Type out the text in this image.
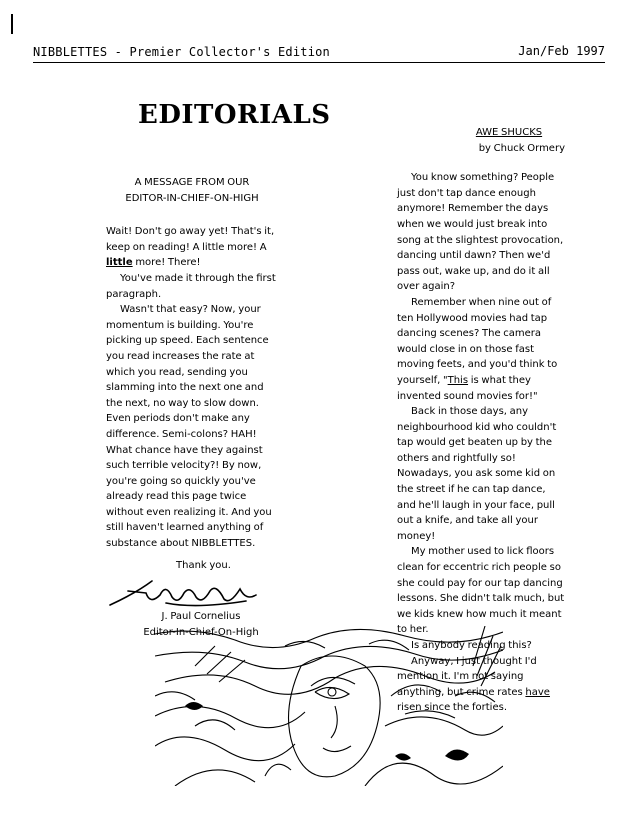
NIBBLETTES - Premier Collector's Edition	Jan/Feb 1997
EDITORIALS
A MESSAGE FROM OUR
EDITOR-IN-CHIEF-ON-HIGH

Wait! Don't go away yet! That's it, keep on reading! A little more! A little more! There!

You've made it through the first paragraph.

Wasn't that easy? Now, your momentum is building. You're picking up speed. Each sentence you read increases the rate at which you read, sending you slamming into the next one and the next, no way to slow down. Even periods don't make any difference. Semi-colons? HAH! What chance have they against such terrible velocity?! By now, you're going so quickly you've already read this page twice without even realizing it. And you still haven't learned anything of substance about NIBBLETTES.

Thank you.
J. Paul Cornelius
Editor-In-Chief-On-High
AWE SHUCKS
by Chuck Ormery

You know something? People just don't tap dance enough anymore! Remember the days when we would just break into song at the slightest provocation, dancing until dawn? Then we'd pass out, wake up, and do it all over again?

Remember when nine out of ten Hollywood movies had tap dancing scenes? The camera would close in on those fast moving feets, and you'd think to yourself, "This is what they invented sound movies for!"

Back in those days, any neighbourhood kid who couldn't tap would get beaten up by the others and rightfully so! Nowadays, you ask some kid on the street if he can tap dance, and he'll laugh in your face, pull out a knife, and take all your money!

My mother used to lick floors clean for eccentric rich people so she could pay for our tap dancing lessons. She didn't talk much, but we kids knew how much it meant to her.

Is anybody reading this?

Anyway, I just thought I'd mention it. I'm not saying anything, but crime rates have risen since the forties.
